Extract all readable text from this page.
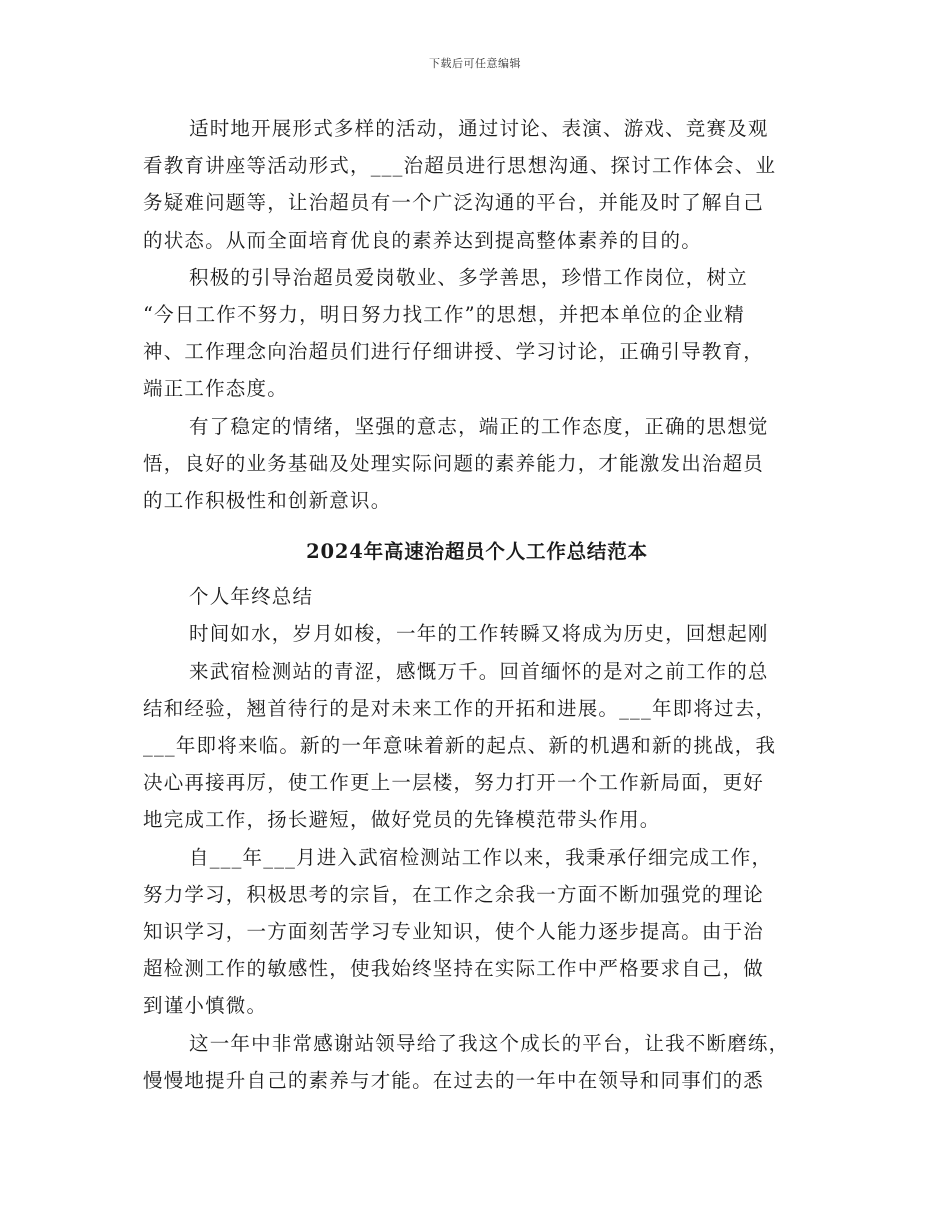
下载后可任意编辑

适时地开展形式多样的活动，通过讨论、表演、游戏、竞赛及观
看教育讲座等活动形式，___治超员进行思想沟通、探讨工作体会、业
务疑难问题等，让治超员有一个广泛沟通的平台，并能及时了解自己
的状态。从而全面培育优良的素养达到提高整体素养的目的。

积极的引导治超员爱岗敬业、多学善思，珍惜工作岗位，树立
“今日工作不努力，明日努力找工作”的思想，并把本单位的企业精
神、工作理念向治超员们进行仔细讲授、学习讨论，正确引导教育，
端正工作态度。

有了稳定的情绪，坚强的意志，端正的工作态度，正确的思想觉
悟，良好的业务基础及处理实际问题的素养能力，才能激发出治超员
的工作积极性和创新意识。

2024年高速治超员个人工作总结范本

个人年终总结

时间如水，岁月如梭，一年的工作转瞬又将成为历史，回想起刚
来武宿检测站的青涩，感慨万千。回首缅怀的是对之前工作的总
结和经验，翘首待行的是对未来工作的开拓和进展。___年即将过去，
___年即将来临。新的一年意味着新的起点、新的机遇和新的挑战，我
决心再接再厉，使工作更上一层楼，努力打开一个工作新局面，更好
地完成工作，扬长避短，做好党员的先锋模范带头作用。

自___年___月进入武宿检测站工作以来，我秉承仔细完成工作，
努力学习，积极思考的宗旨，在工作之余我一方面不断加强党的理论
知识学习，一方面刻苦学习专业知识，使个人能力逐步提高。由于治
超检测工作的敏感性，使我始终坚持在实际工作中严格要求自己，做
到谨小慎微。

这一年中非常感谢站领导给了我这个成长的平台，让我不断磨练，
慢慢地提升自己的素养与才能。在过去的一年中在领导和同事们的悉
